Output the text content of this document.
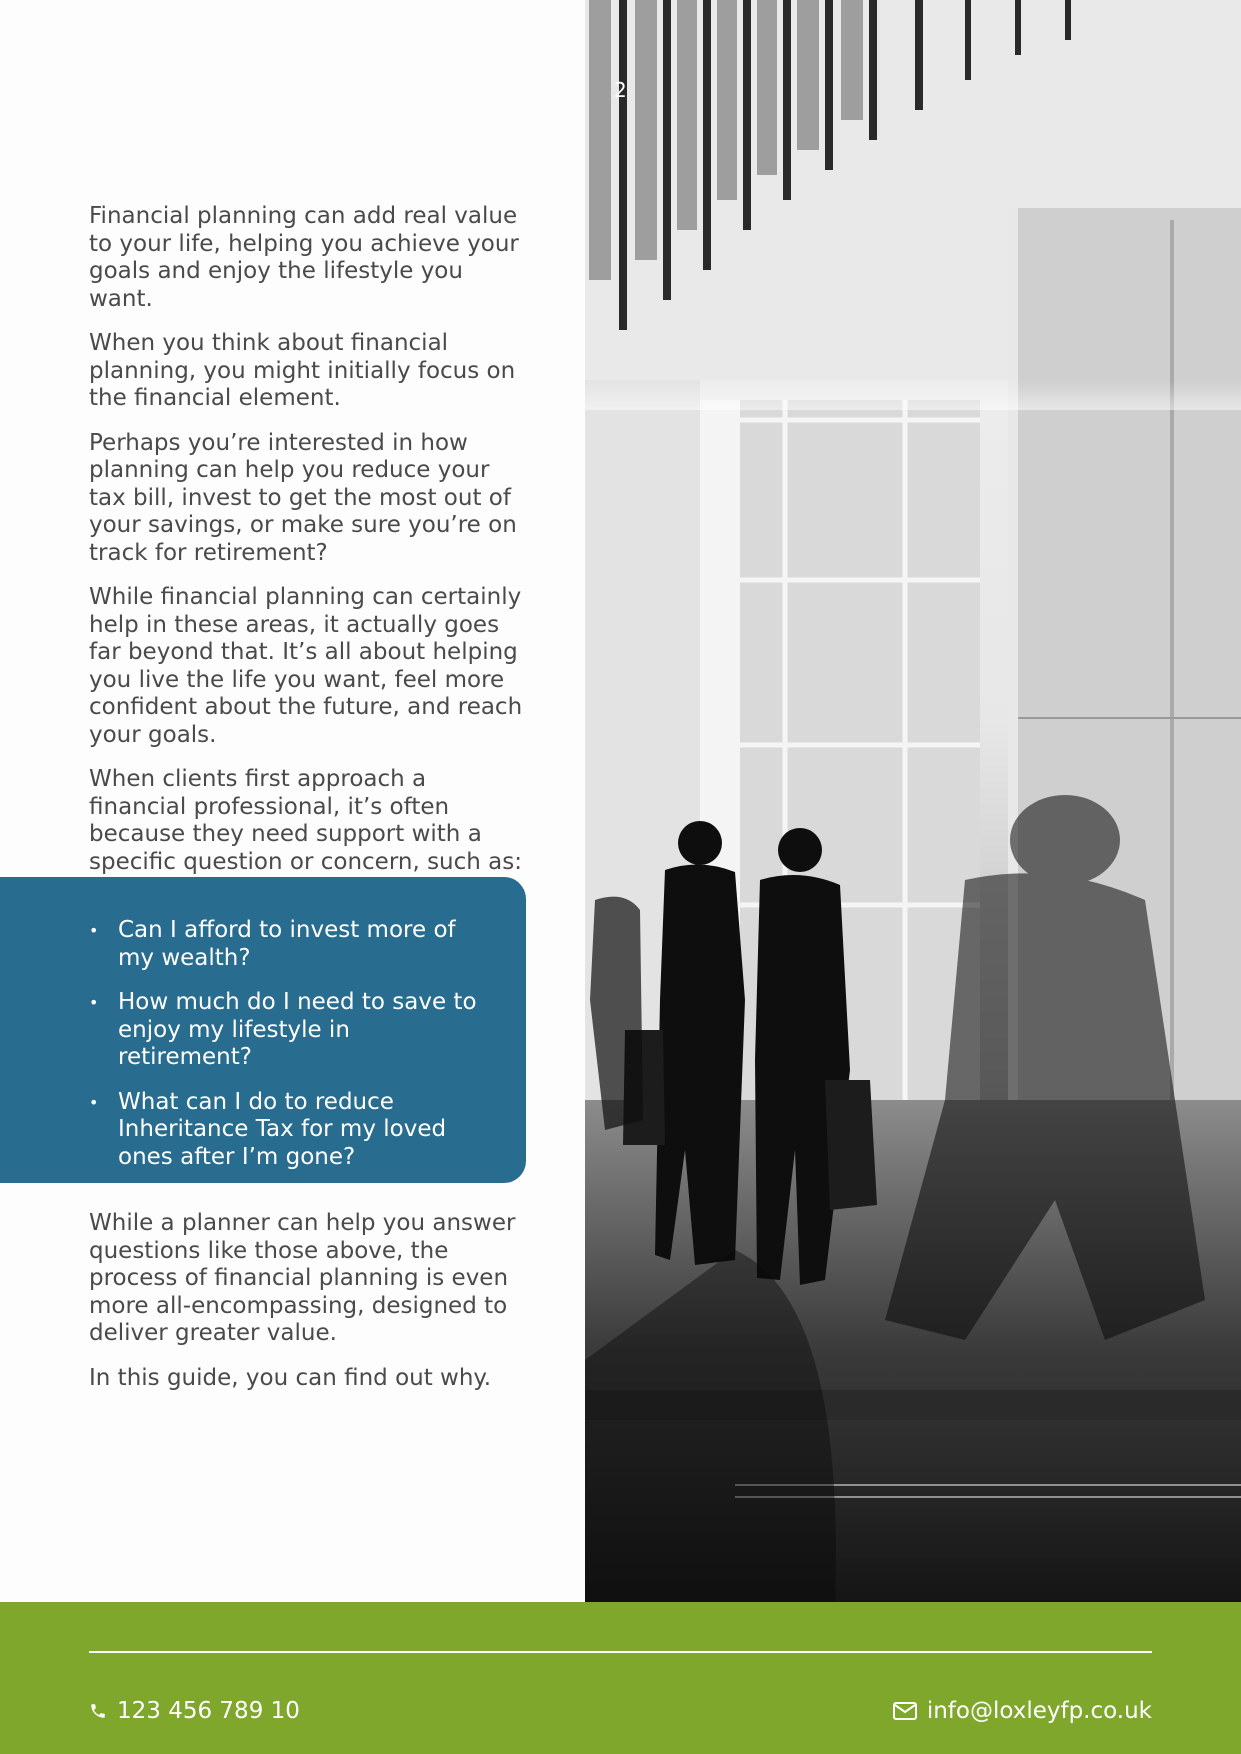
2

Financial planning can add real value to your life, helping you achieve your goals and enjoy the lifestyle you want.

When you think about financial planning, you might initially focus on the financial element.

Perhaps you’re interested in how planning can help you reduce your tax bill, invest to get the most out of your savings, or make sure you’re on track for retirement?

While financial planning can certainly help in these areas, it actually goes far beyond that. It’s all about helping you live the life you want, feel more confident about the future, and reach your goals.

When clients first approach a financial professional, it’s often because they need support with a specific question or concern, such as:

• Can I afford to invest more of my wealth?
• How much do I need to save to enjoy my lifestyle in retirement?
• What can I do to reduce Inheritance Tax for my loved ones after I’m gone?

While a planner can help you answer questions like those above, the process of financial planning is even more all-encompassing, designed to deliver greater value.

In this guide, you can find out why.

123 456 789 10	info@loxleyfp.co.uk
